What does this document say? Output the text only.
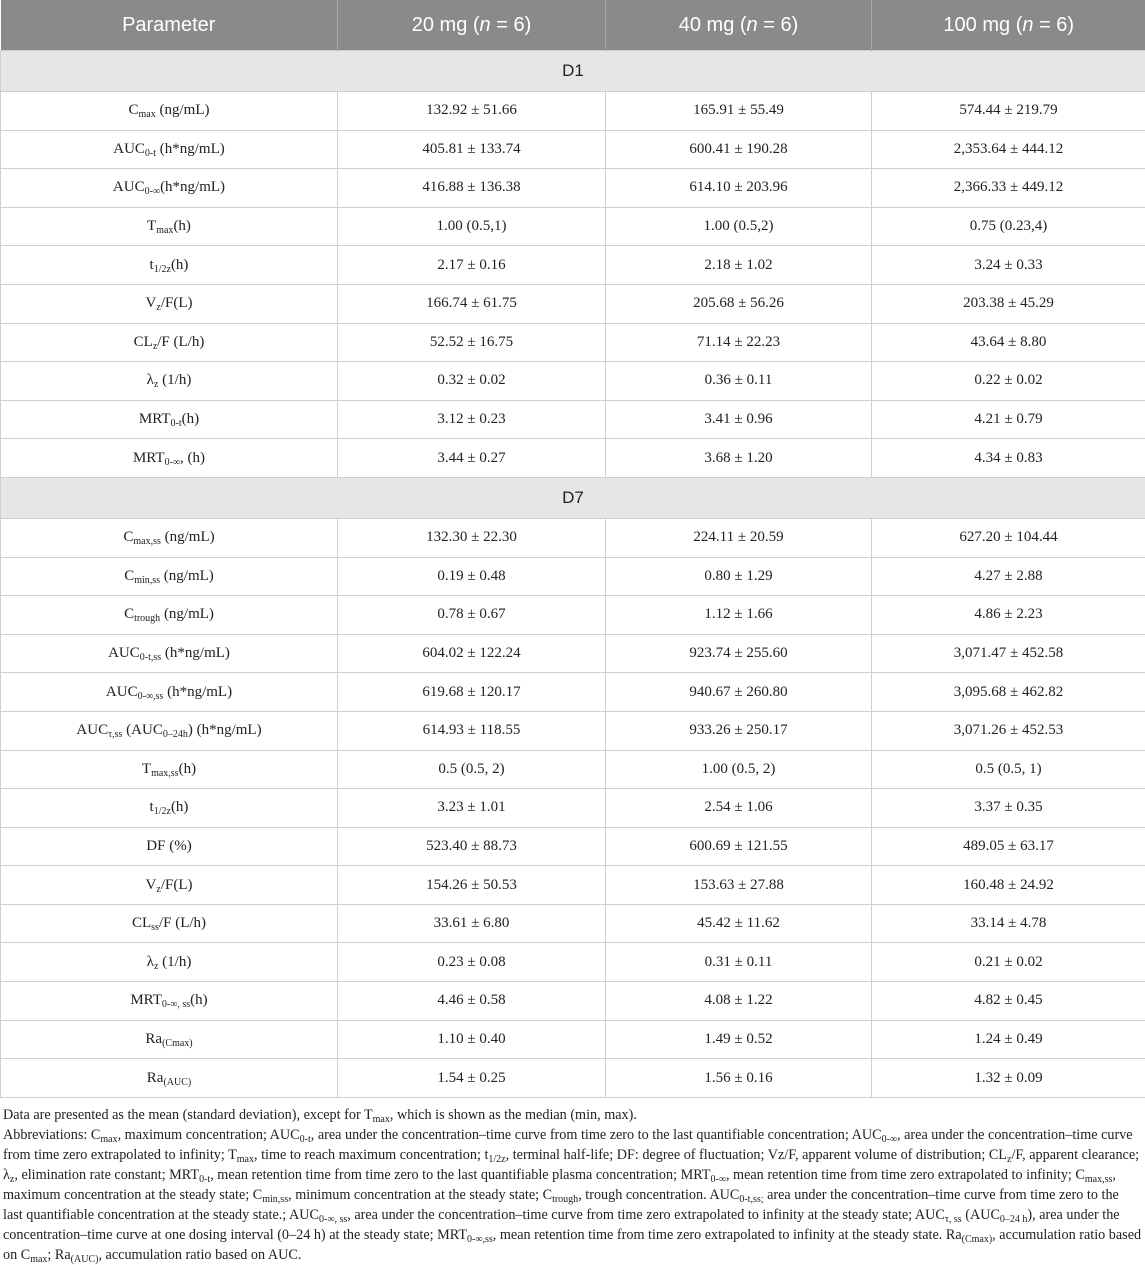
Parameter	20 mg (n = 6)	40 mg (n = 6)	100 mg (n = 6)
D1			
$C_{max}$ (ng/mL)	132.92 ± 51.66	165.91 ± 55.49	574.44 ± 219.79
$AUC_{0-t}$ (h*ng/mL)	405.81 ± 133.74	600.41 ± 190.28	2,353.64 ± 444.12
$AUC_{0-\infty}(h*ng/mL)$	416.88 ± 136.38	614.10 ± 203.96	2,366.33 ± 449.12
$T_{max}(h)$	1.00 (0.5,1)	1.00 (0.5,2)	0.75 (0.23,4)
$t_{1/2z}(h)$	2.17 ± 0.16	2.18 ± 1.02	3.24 ± 0.33
$V_z/F(L)$	166.74 ± 61.75	205.68 ± 56.26	203.38 ± 45.29
$CL_z/F$ (L/h)	52.52 ± 16.75	71.14 ± 22.23	43.64 ± 8.80
$\lambda_z$ (1/h)	0.32 ± 0.02	0.36 ± 0.11	0.22 ± 0.02
$MRT_{0-t}(h)$	3.12 ± 0.23	3.41 ± 0.96	4.21 ± 0.79
$MRT_{0-\infty}$, (h)	3.44 ± 0.27	3.68 ± 1.20	4.34 ± 0.83
D7			
$C_{max,ss}$ (ng/mL)	132.30 ± 22.30	224.11 ± 20.59	627.20 ± 104.44
$C_{min,ss}$ (ng/mL)	0.19 ± 0.48	0.80 ± 1.29	4.27 ± 2.88
$C_{trough}$ (ng/mL)	0.78 ± 0.67	1.12 ± 1.66	4.86 ± 2.23
$AUC_{0-t,ss}$ (h*ng/mL)	604.02 ± 122.24	923.74 ± 255.60	3,071.47 ± 452.58
$AUC_{0-\infty,ss}$ (h*ng/mL)	619.68 ± 120.17	940.67 ± 260.80	3,095.68 ± 462.82
$AUC_{\tau,ss}$ $(AUC_{0-24h})$ (h*ng/mL)	614.93 ± 118.55	933.26 ± 250.17	3,071.26 ± 452.53
$T_{max,ss}(h)$	0.5 (0.5, 2)	1.00 (0.5, 2)	0.5 (0.5, 1)
$t_{1/2z}(h)$	3.23 ± 1.01	2.54 ± 1.06	3.37 ± 0.35
DF (%)	523.40 ± 88.73	600.69 ± 121.55	489.05 ± 63.17
$V_z/F(L)$	154.26 ± 50.53	153.63 ± 27.88	160.48 ± 24.92
$CL_{ss}/F$ (L/h)	33.61 ± 6.80	45.42 ± 11.62	33.14 ± 4.78
$\lambda_z$ (1/h)	0.23 ± 0.08	0.31 ± 0.11	0.21 ± 0.02
$MRT_{0-\infty, ss}(h)$	4.46 ± 0.58	4.08 ± 1.22	4.82 ± 0.45
$Ra_{(Cmax)}$	1.10 ± 0.40	1.49 ± 0.52	1.24 ± 0.49
$Ra_{(AUC)}$	1.54 ± 0.25	1.56 ± 0.16	1.32 ± 0.09

Data are presented as the mean (standard deviation), except for $T_{max}$, which is shown as the median (min, max).

Abbreviations: $C_{max}$, maximum concentration; $AUC_{0-t}$, area under the concentration–time curve from time zero to the last quantifiable concentration; $AUC_{0-\infty}$, area under the concentration–time curve from time zero extrapolated to infinity; $T_{max}$, time to reach maximum concentration; $t_{1/2z}$, terminal half-life; DF: degree of fluctuation; Vz/F, apparent volume of distribution; $CL_z/F$, apparent clearance; $\lambda_z$, elimination rate constant; $MRT_{0-t}$, mean retention time from time zero to the last quantifiable plasma concentration; $MRT_{0-\infty}$, mean retention time from time zero extrapolated to infinity; $C_{max,ss}$, maximum concentration at the steady state; $C_{min,ss}$, minimum concentration at the steady state; $C_{trough}$, trough concentration. $AUC_{0-t,ss;}$ area under the concentration–time curve from time zero to the last quantifiable concentration at the steady state.; $AUC_{0-\infty, ss}$, area under the concentration–time curve from time zero extrapolated to infinity at the steady state; $AUC_{\tau, ss}$ $(AUC_{0-24 h})$, area under the concentration–time curve at one dosing interval (0–24 h) at the steady state; $MRT_{0-\infty,ss}$, mean retention time from time zero extrapolated to infinity at the steady state. $Ra_{(Cmax)}$, accumulation ratio based on $C_{max}$; $Ra_{(AUC)}$, accumulation ratio based on AUC.
